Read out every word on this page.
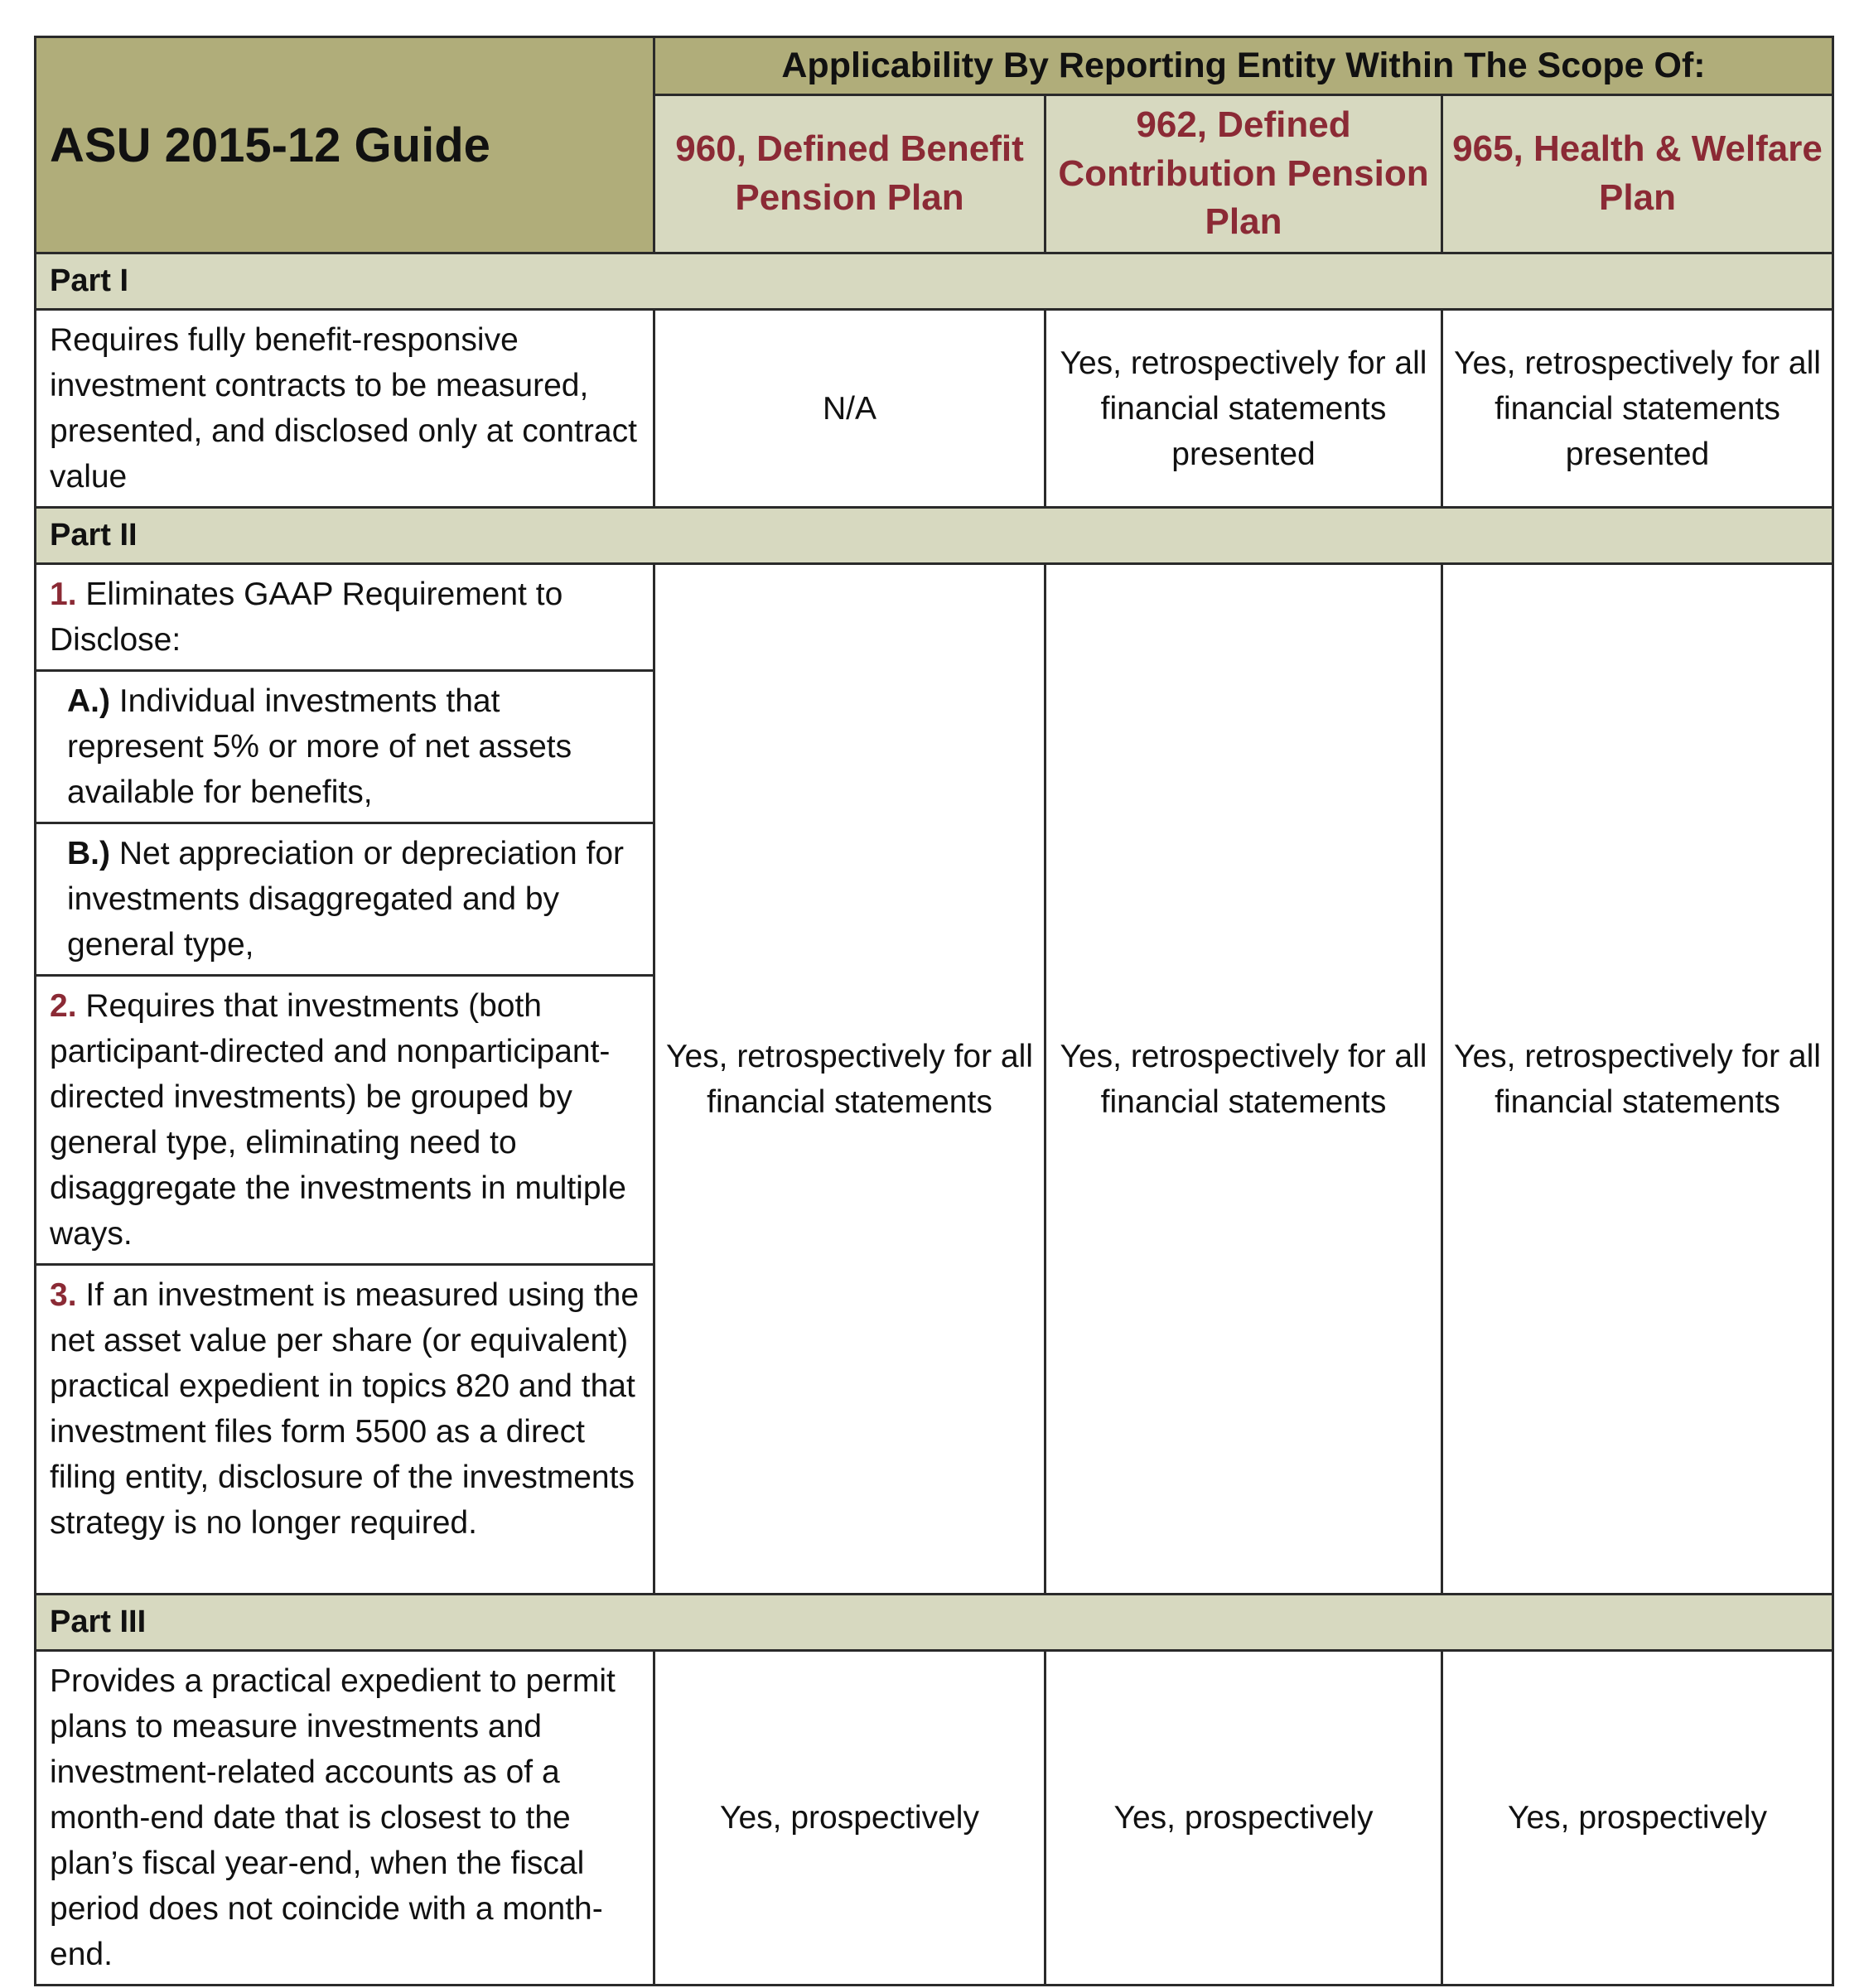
ASU 2015-12 Guide	Applicability By Reporting Entity Within The Scope Of:		
	960, Defined Benefit Pension Plan	962, Defined Contribution Pension Plan	965, Health & Welfare Plan
Part I			
Requires fully benefit-responsive investment contracts to be measured, presented, and disclosed only at contract value	N/A	Yes, retrospectively for all financial statements presented	Yes, retrospectively for all financial statements presented
Part II			
1. Eliminates GAAP Requirement to Disclose:	Yes, retrospectively for all financial statements	Yes, retrospectively for all financial statements	Yes, retrospectively for all financial statements
A.) Individual investments that represent 5% or more of net assets available for benefits,			
B.) Net appreciation or depreciation for investments disaggregated and by general type,			
2. Requires that investments (both participant-directed and nonparticipant-directed investments) be grouped by general type, eliminating need to disaggregate the investments in multiple ways.			
3. If an investment is measured using the net asset value per share (or equivalent) practical expedient in topics 820 and that investment files form 5500 as a direct filing entity, disclosure of the investments strategy is no longer required.			
Part III			
Provides a practical expedient to permit plans to measure investments and investment-related accounts as of a month-end date that is closest to the plan’s fiscal year-end, when the fiscal period does not coincide with a month-end.	Yes, prospectively	Yes, prospectively	Yes, prospectively
